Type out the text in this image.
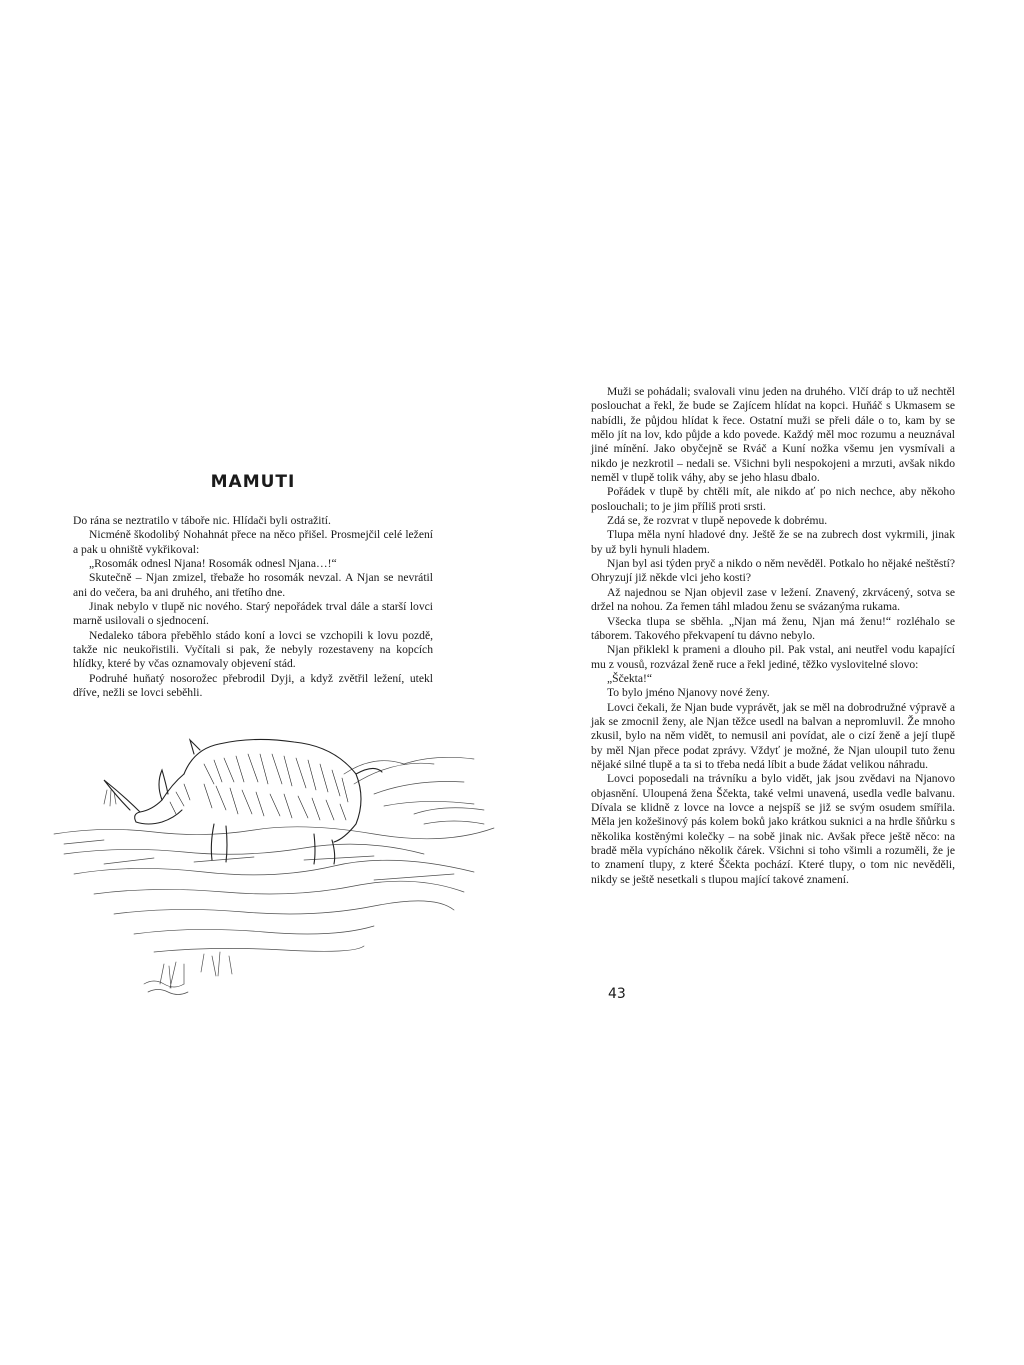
MAMUTI

Do rána se neztratilo v táboře nic. Hlídači byli ostražití.

Nicméně škodolibý Nohahnát přece na něco přišel. Prosmejčil celé ležení a pak u ohniště vykřikoval:

„Rosomák odnesl Njana! Rosomák odnesl Njana…!“

Skutečně – Njan zmizel, třebaže ho rosomák nevzal. A Njan se nevrátil ani do večera, ba ani druhého, ani třetího dne.

Jinak nebylo v tlupě nic nového. Starý nepořádek trval dále a starší lovci marně usilovali o sjednocení.

Nedaleko tábora přeběhlo stádo koní a lovci se vzchopili k lovu pozdě, takže nic neukořistili. Vyčítali si pak, že nebyly rozestaveny na kopcích hlídky, které by včas oznamovaly objevení stád.

Podruhé huňatý nosorožec přebrodil Dyji, a když zvětřil ležení, utekl dříve, nežli se lovci seběhli.

Muži se pohádali; svalovali vinu jeden na druhého. Vlčí dráp to už nechtěl poslouchat a řekl, že bude se Zajícem hlídat na kopci. Huňáč s Ukmasem se nabídli, že půjdou hlídat k řece. Ostatní muži se přeli dále o to, kam by se mělo jít na lov, kdo půjde a kdo povede. Každý měl moc rozumu a neuznával jiné mínění. Jako obyčejně se Rváč a Kuní nožka všemu jen vysmívali a nikdo je nezkrotil – nedali se. Všichni byli nespokojeni a mrzuti, avšak nikdo neměl v tlupě tolik váhy, aby se jeho hlasu dbalo.

Pořádek v tlupě by chtěli mít, ale nikdo ať po nich nechce, aby někoho poslouchali; to je jim příliš proti srsti.

Zdá se, že rozvrat v tlupě nepovede k dobrému.

Tlupa měla nyní hladové dny. Ještě že se na zubrech dost vykrmili, jinak by už byli hynuli hladem.

Njan byl asi týden pryč a nikdo o něm nevěděl. Potkalo ho nějaké neštěstí? Ohryzují již někde vlci jeho kosti?

Až najednou se Njan objevil zase v ležení. Znavený, zkrvácený, sotva se držel na nohou. Za řemen táhl mladou ženu se svázanýma rukama.

Všecka tlupa se sběhla. „Njan má ženu, Njan má ženu!“ rozléhalo se táborem. Takového překvapení tu dávno nebylo.

Njan přiklekl k prameni a dlouho pil. Pak vstal, ani neutřel vodu kapající mu z vousů, rozvázal ženě ruce a řekl jediné, těžko vyslovitelné slovo:

„Ščekta!“

To bylo jméno Njanovy nové ženy.

Lovci čekali, že Njan bude vyprávět, jak se měl na dobrodružné výpravě a jak se zmocnil ženy, ale Njan těžce usedl na balvan a nepromluvil. Že mnoho zkusil, bylo na něm vidět, to nemusil ani povídat, ale o cizí ženě a její tlupě by měl Njan přece podat zprávy. Vždyť je možné, že Njan uloupil tuto ženu nějaké silné tlupě a ta si to třeba nedá líbit a bude žádat velikou náhradu.

Lovci poposedali na trávníku a bylo vidět, jak jsou zvědavi na Njanovo objasnění. Uloupená žena Ščekta, také velmi unavená, usedla vedle balvanu. Dívala se klidně z lovce na lovce a nejspíš se již se svým osudem smířila. Měla jen kožešinový pás kolem boků jako krátkou suknici a na hrdle šňůrku s několika kostěnými kolečky – na sobě jinak nic. Avšak přece ještě něco: na bradě měla vypícháno několik čárek. Všichni si toho všimli a rozuměli, že je to znamení tlupy, z které Ščekta pochází. Které tlupy, o tom nic nevěděli, nikdy se ještě nesetkali s tlupou mající takové znamení.

43
